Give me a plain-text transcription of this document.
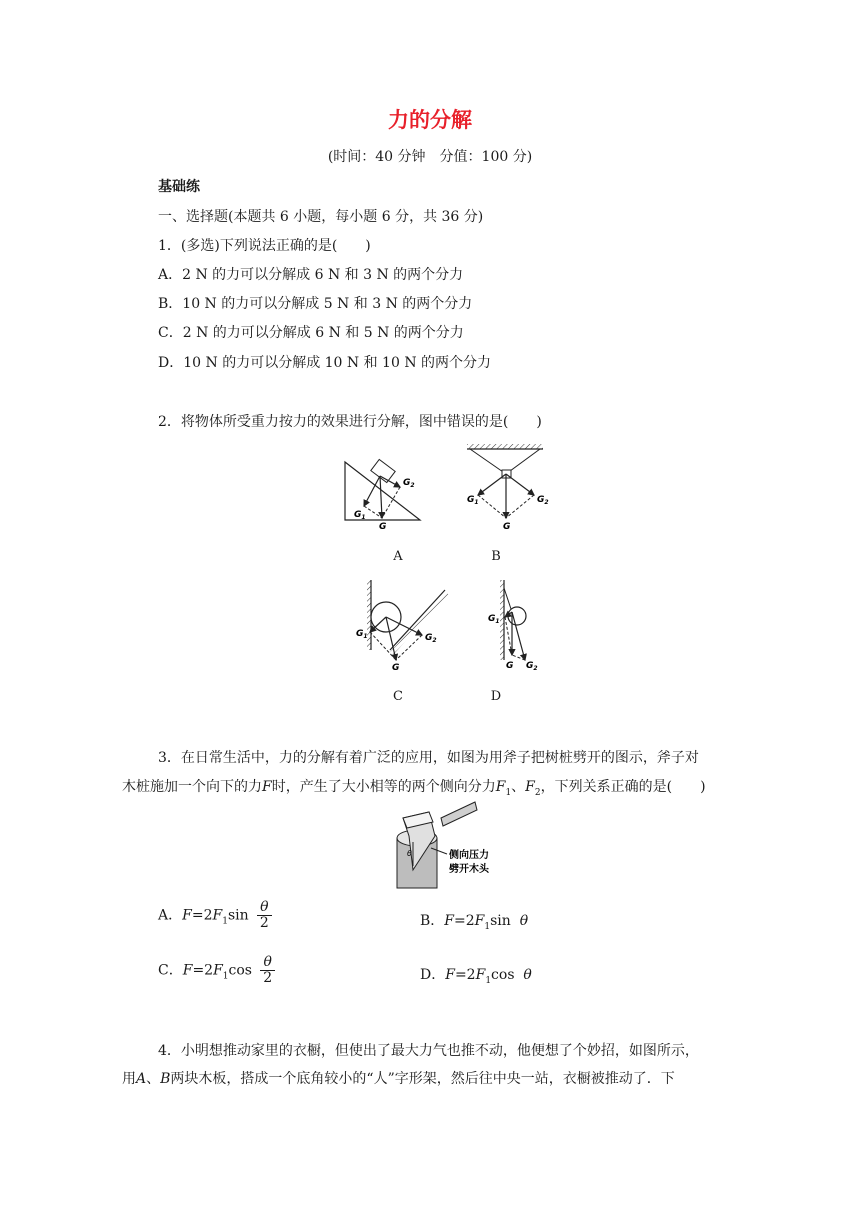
力的分解
(时间：40 分钟　分值：100 分)
基础练
一、选择题(本题共 6 小题，每小题 6 分，共 36 分)
1．(多选)下列说法正确的是(　　)
A．2 N 的力可以分解成 6 N 和 3 N 的两个分力
B．10 N 的力可以分解成 5 N 和 3 N 的两个分力
C．2 N 的力可以分解成 6 N 和 5 N 的两个分力
D．10 N 的力可以分解成 10 N 和 10 N 的两个分力
2．将物体所受重力按力的效果进行分解，图中错误的是(　　)
$G_2$
$G_1$
G
$G_1$	$G_2$
G
$G_1$	$G_2$
G
$G_1$
G $G_2$
A	B
C	D
3．在日常生活中，力的分解有着广泛的应用，如图为用斧子把树桩劈开的图示，斧子对
木桩施加一个向下的力F时，产生了大小相等的两个侧向分力$F_1$、$F_2$，下列关系正确的是(　　)
θ	侧向压力
劈开木头
A．$F=2F_1\sin \frac{\theta}{2}$	B．$F=2F_1\sin$ θ
C．$F=2F_1\cos \frac{\theta}{2}$	D．$F=2F_1\cos$ θ
4．小明想推动家里的衣橱，但使出了最大力气也推不动，他便想了个妙招，如图所示，
用A、B两块木板，搭成一个底角较小的“人”字形架，然后往中央一站，衣橱被推动了．下
